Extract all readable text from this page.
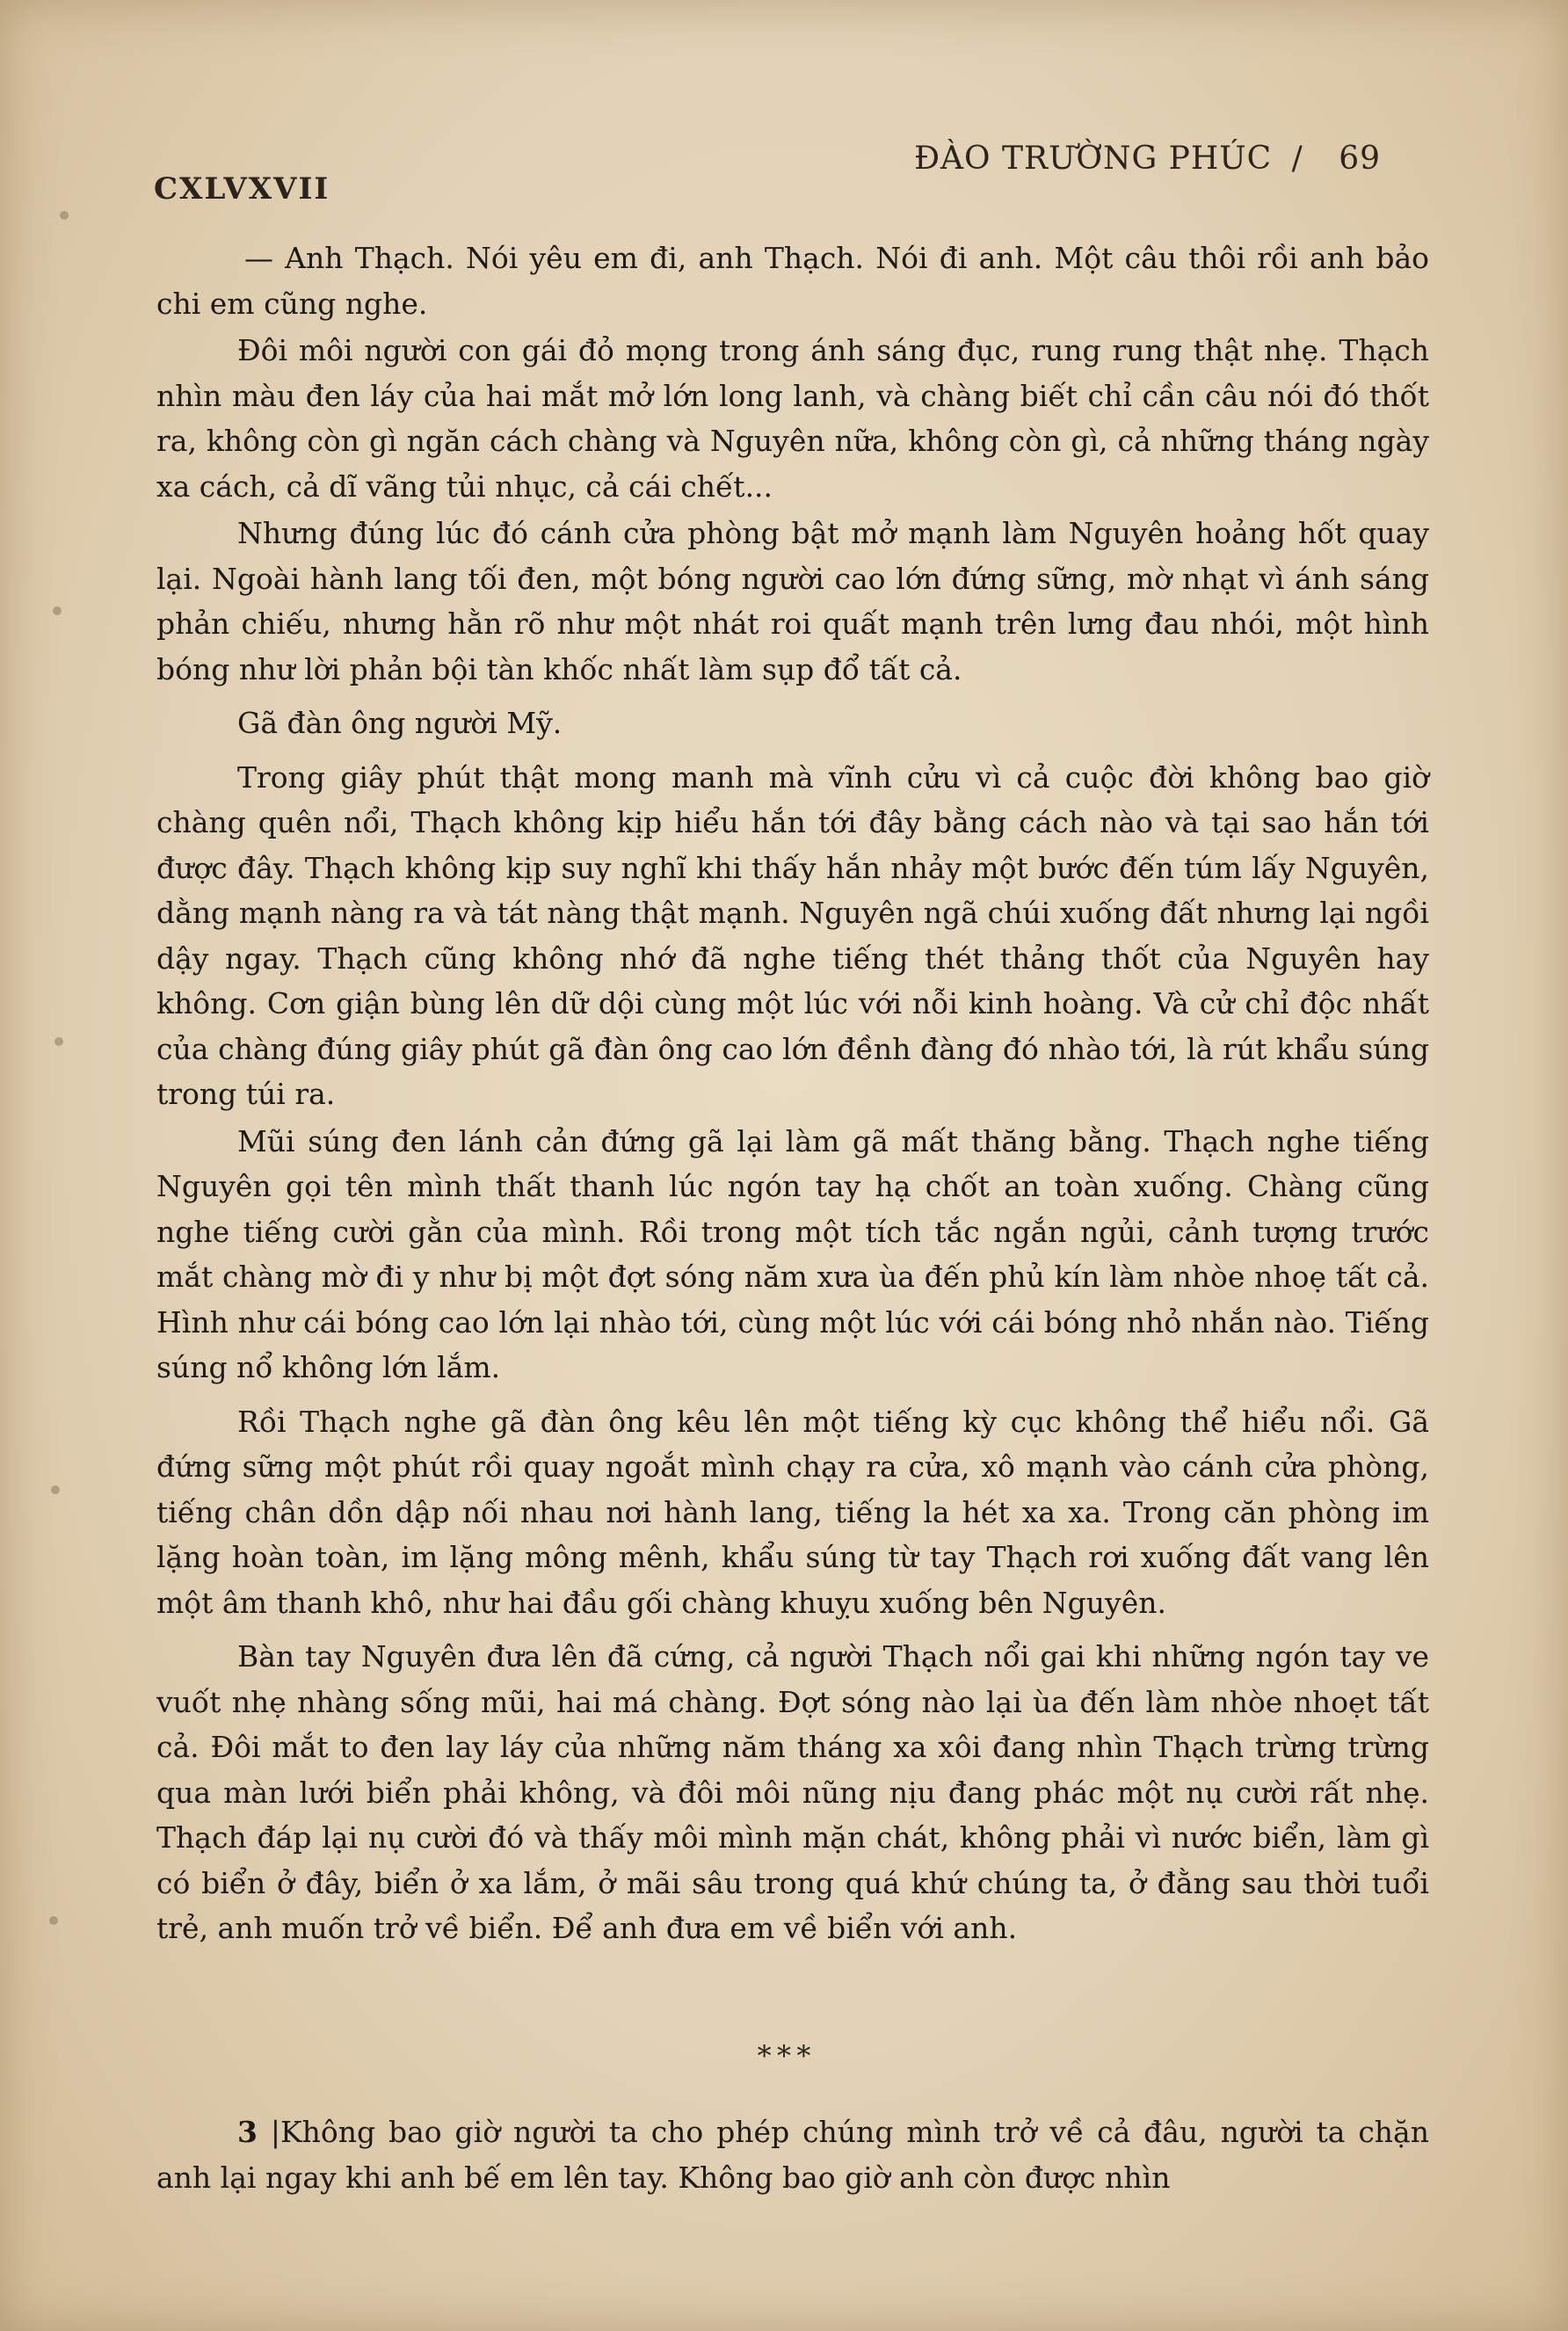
CXLVXVII
ĐÀO TRƯỜNG PHÚC / 69

— Anh Thạch. Nói yêu em đi, anh Thạch. Nói đi anh. Một câu thôi rồi anh bảo chi em cũng nghe.

Đôi môi người con gái đỏ mọng trong ánh sáng đục, rung rung thật nhẹ. Thạch nhìn màu đen láy của hai mắt mở lớn long lanh, và chàng biết chỉ cần câu nói đó thốt ra, không còn gì ngăn cách chàng và Nguyên nữa, không còn gì, cả những tháng ngày xa cách, cả dĩ vãng tủi nhục, cả cái chết...

Nhưng đúng lúc đó cánh cửa phòng bật mở mạnh làm Nguyên hoảng hốt quay lại. Ngoài hành lang tối đen, một bóng người cao lớn đứng sững, mờ nhạt vì ánh sáng phản chiếu, nhưng hằn rõ như một nhát roi quất mạnh trên lưng đau nhói, một hình bóng như lời phản bội tàn khốc nhất làm sụp đổ tất cả.

Gã đàn ông người Mỹ.

Trong giây phút thật mong manh mà vĩnh cửu vì cả cuộc đời không bao giờ chàng quên nổi, Thạch không kịp hiểu hắn tới đây bằng cách nào và tại sao hắn tới được đây. Thạch không kịp suy nghĩ khi thấy hắn nhảy một bước đến túm lấy Nguyên, dằng mạnh nàng ra và tát nàng thật mạnh. Nguyên ngã chúi xuống đất nhưng lại ngồi dậy ngay. Thạch cũng không nhớ đã nghe tiếng thét thảng thốt của Nguyên hay không. Cơn giận bùng lên dữ dội cùng một lúc với nỗi kinh hoàng. Và cử chỉ độc nhất của chàng đúng giây phút gã đàn ông cao lớn đềnh đàng đó nhào tới, là rút khẩu súng trong túi ra.

Mũi súng đen lánh cản đứng gã lại làm gã mất thăng bằng. Thạch nghe tiếng Nguyên gọi tên mình thất thanh lúc ngón tay hạ chốt an toàn xuống. Chàng cũng nghe tiếng cười gằn của mình. Rồi trong một tích tắc ngắn ngủi, cảnh tượng trước mắt chàng mờ đi y như bị một đợt sóng năm xưa ùa đến phủ kín làm nhòe nhoẹ tất cả. Hình như cái bóng cao lớn lại nhào tới, cùng một lúc với cái bóng nhỏ nhắn nào. Tiếng súng nổ không lớn lắm.

Rồi Thạch nghe gã đàn ông kêu lên một tiếng kỳ cục không thể hiểu nổi. Gã đứng sững một phút rồi quay ngoắt mình chạy ra cửa, xô mạnh vào cánh cửa phòng, tiếng chân dồn dập nối nhau nơi hành lang, tiếng la hét xa xa. Trong căn phòng im lặng hoàn toàn, im lặng mông mênh, khẩu súng từ tay Thạch rơi xuống đất vang lên một âm thanh khô, như hai đầu gối chàng khuỵu xuống bên Nguyên.

Bàn tay Nguyên đưa lên đã cứng, cả người Thạch nổi gai khi những ngón tay ve vuốt nhẹ nhàng sống mũi, hai má chàng. Đợt sóng nào lại ùa đến làm nhòe nhoẹt tất cả. Đôi mắt to đen lay láy của những năm tháng xa xôi đang nhìn Thạch trừng trừng qua màn lưới biển phải không, và đôi môi nũng nịu đang phác một nụ cười rất nhẹ. Thạch đáp lại nụ cười đó và thấy môi mình mặn chát, không phải vì nước biển, làm gì có biển ở đây, biển ở xa lắm, ở mãi sâu trong quá khứ chúng ta, ở đằng sau thời tuổi trẻ, anh muốn trở về biển. Để anh đưa em về biển với anh.

* * *

3 |Không bao giờ người ta cho phép chúng mình trở về cả đâu, người ta chặn anh lại ngay khi anh bế em lên tay. Không bao giờ anh còn được nhìn
